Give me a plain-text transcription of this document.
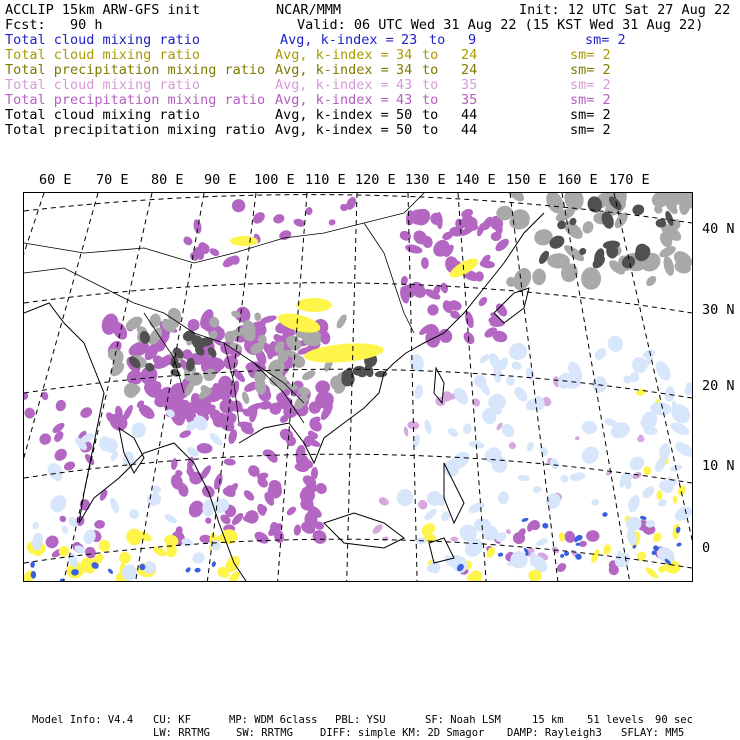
ACCLIP 15km ARW-GFS init	NCAR/MMM	Init: 12 UTC Sat 27 Aug 22
Fcst:   90 h	Valid: 06 UTC Wed 31 Aug 22 (15 KST Wed 31 Aug 22)
Total cloud mixing ratio	Avg, k-index = 23 to 9	sm= 2
Total cloud mixing ratio	Avg, k-index = 34 to 24	sm= 2
Total precipitation mixing ratio Avg, k-index = 34 to 24	sm= 2
Total cloud mixing ratio	Avg, k-index = 43 to 35	sm= 2
Total precipitation mixing ratio Avg, k-index = 43 to 35	sm= 2
Total cloud mixing ratio	Avg, k-index = 50 to 44	sm= 2
Total precipitation mixing ratio Avg, k-index = 50 to 44	sm= 2
60 E 70 E 80 E 90 E 100 E 110 E 120 E 130 E 140 E 150 E 160 E 170 E
40 N
30 N
20 N
10 N
0
Model Info: V4.4 CU: KF	MP: WDM 6class PBL: YSU	SF: Noah LSM	15 km 51 levels 90 sec
LW: RRTMG SW: RRTMG	DIFF: simple KM: 2D Smagor DAMP: Rayleigh3 SFLAY: MM5
